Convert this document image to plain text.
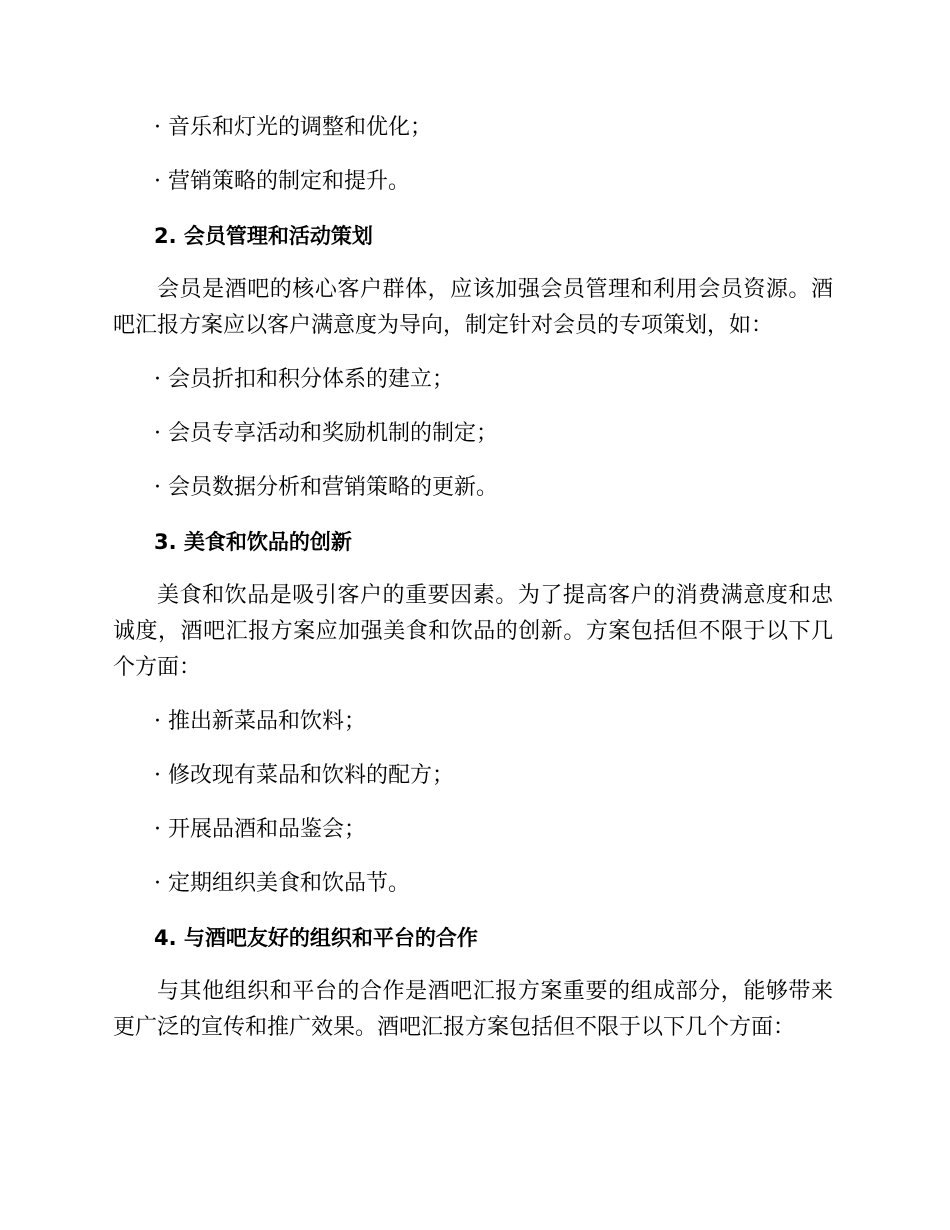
· 音乐和灯光的调整和优化；

· 营销策略的制定和提升。

2. 会员管理和活动策划

会员是酒吧的核心客户群体，应该加强会员管理和利用会员资源。酒吧汇报方案应以客户满意度为导向，制定针对会员的专项策划，如：

· 会员折扣和积分体系的建立；

· 会员专享活动和奖励机制的制定；

· 会员数据分析和营销策略的更新。

3. 美食和饮品的创新

美食和饮品是吸引客户的重要因素。为了提高客户的消费满意度和忠诚度，酒吧汇报方案应加强美食和饮品的创新。方案包括但不限于以下几个方面：

· 推出新菜品和饮料；

· 修改现有菜品和饮料的配方；

· 开展品酒和品鉴会；

· 定期组织美食和饮品节。

4. 与酒吧友好的组织和平台的合作

与其他组织和平台的合作是酒吧汇报方案重要的组成部分，能够带来更广泛的宣传和推广效果。酒吧汇报方案包括但不限于以下几个方面：
